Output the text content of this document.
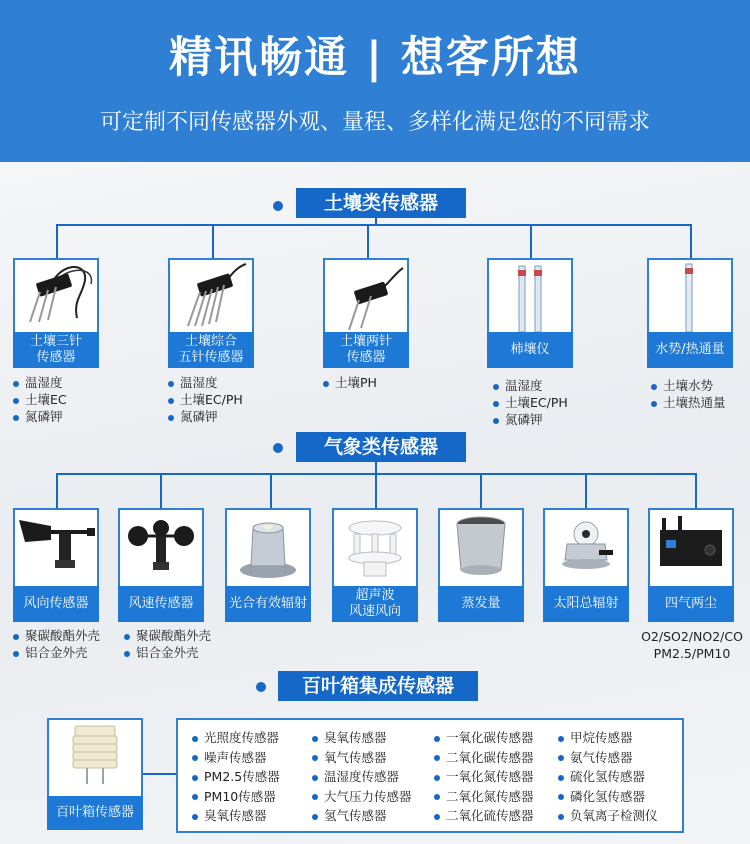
精讯畅通 | 想客所想
可定制不同传感器外观、量程、多样化满足您的不同需求
土壤类传感器
土壤三针
传感器
温湿度
土壤EC
氮磷钾
土壤综合
五针传感器
温湿度
土壤EC/PH
氮磷钾
土壤两针
传感器
土壤PH
柿壤仪
温湿度
土壤EC/PH
氮磷钾
水势/热通量
土壤水势
土壤热通量
气象类传感器
风向传感器
聚碳酸酯外壳
铝合金外壳
风速传感器
聚碳酸酯外壳
铝合金外壳
光合有效辐射
超声波
风速风向
蒸发量	太阳总辐射	四气两尘
O2/SO2/NO2/CO
PM2.5/PM10
百叶箱集成传感器
百叶箱传感器
光照度传感器
噪声传感器
PM2.5传感器
PM10传感器
臭氧传感器
臭氧传感器
氧气传感器
温湿度传感器
大气压力传感器
氢气传感器
一氧化碳传感器
二氧化碳传感器
一氧化氮传感器
二氧化氮传感器
二氧化硫传感器
甲烷传感器
氨气传感器
硫化氢传感器
磷化氢传感器
负氧离子检测仪
